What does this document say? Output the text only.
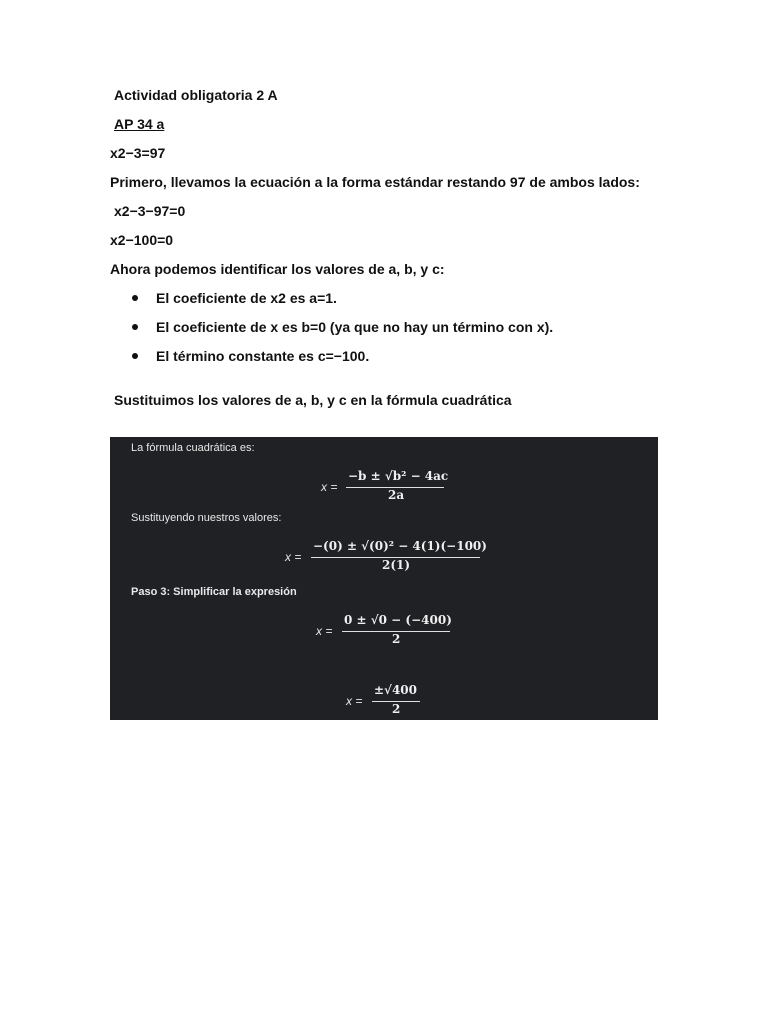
Actividad obligatoria 2 A
AP 34 a
x2−3=97
Primero, llevamos la ecuación a la forma estándar restando 97 de ambos lados:
x2−3−97=0
x2−100=0
Ahora podemos identificar los valores de a, b, y c:
El coeficiente de x2 es a=1.
El coeficiente de x es b=0 (ya que no hay un término con x).
El término constante es c=−100.
Sustituimos los valores de a, b, y c en la fórmula cuadrática
La fórmula cuadrática es:
x =
−b ± √b² − 4ac
2a
Sustituyendo nuestros valores:
x =
−(0) ± √(0)² − 4(1)(−100)
2(1)
Paso 3: Simplificar la expresión
x =
0 ± √0 − (−400)
2
x =
±√400
2
